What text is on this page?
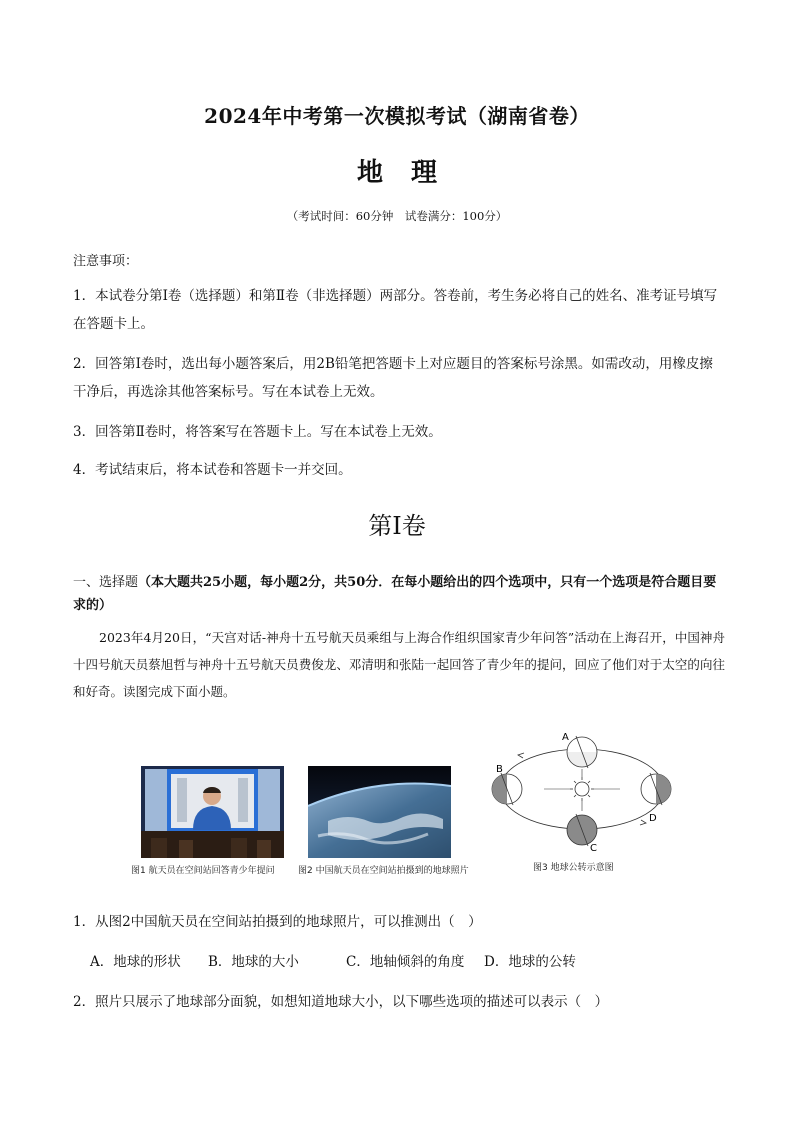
2024年中考第一次模拟考试（湖南省卷）
地理
（考试时间：60分钟　试卷满分：100分）
注意事项：
1．本试卷分第Ⅰ卷（选择题）和第Ⅱ卷（非选择题）两部分。答卷前，考生务必将自己的姓名、准考证号填写在答题卡上。
2．回答第Ⅰ卷时，选出每小题答案后，用2B铅笔把答题卡上对应题目的答案标号涂黑。如需改动，用橡皮擦干净后，再选涂其他答案标号。写在本试卷上无效。
3．回答第Ⅱ卷时，将答案写在答题卡上。写在本试卷上无效。
4．考试结束后，将本试卷和答题卡一并交回。
第Ⅰ卷
一、选择题（本大题共25小题，每小题2分，共50分．在每小题给出的四个选项中，只有一个选项是符合题目要求的）
2023年4月20日，“天宫对话-神舟十五号航天员乘组与上海合作组织国家青少年问答”活动在上海召开，中国神舟十四号航天员蔡旭哲与神舟十五号航天员费俊龙、邓清明和张陆一起回答了青少年的提问，回应了他们对于太空的向往和好奇。读图完成下面小题。
A
B
C
D
图1 航天员在空间站回答青少年提问	图2 中国航天员在空间站拍摄到的地球照片	图3 地球公转示意图
1．从图2中国航天员在空间站拍摄到的地球照片，可以推测出（　）
A．地球的形状 B．地球的大小	C．地轴倾斜的角度 D．地球的公转
2．照片只展示了地球部分面貌，如想知道地球大小，以下哪些选项的描述可以表示（　）
